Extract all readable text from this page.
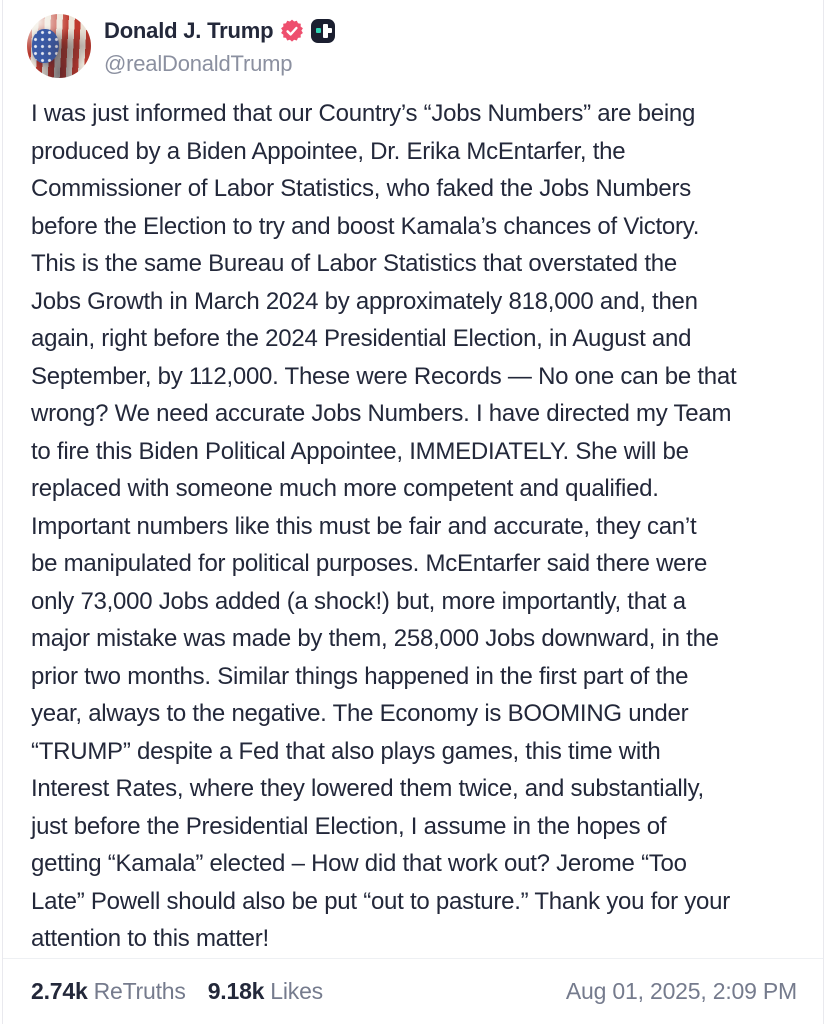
Donald J. Trump
@realDonaldTrump
I was just informed that our Country’s “Jobs Numbers” are being
produced by a Biden Appointee, Dr. Erika McEntarfer, the
Commissioner of Labor Statistics, who faked the Jobs Numbers
before the Election to try and boost Kamala’s chances of Victory.
This is the same Bureau of Labor Statistics that overstated the
Jobs Growth in March 2024 by approximately 818,000 and, then
again, right before the 2024 Presidential Election, in August and
September, by 112,000. These were Records — No one can be that
wrong? We need accurate Jobs Numbers. I have directed my Team
to fire this Biden Political Appointee, IMMEDIATELY. She will be
replaced with someone much more competent and qualified.
Important numbers like this must be fair and accurate, they can’t
be manipulated for political purposes. McEntarfer said there were
only 73,000 Jobs added (a shock!) but, more importantly, that a
major mistake was made by them, 258,000 Jobs downward, in the
prior two months. Similar things happened in the first part of the
year, always to the negative. The Economy is BOOMING under
“TRUMP” despite a Fed that also plays games, this time with
Interest Rates, where they lowered them twice, and substantially,
just before the Presidential Election, I assume in the hopes of
getting “Kamala” elected – How did that work out? Jerome “Too
Late” Powell should also be put “out to pasture.” Thank you for your
attention to this matter!
2.74k ReTruths 9.18k Likes	Aug 01, 2025, 2:09 PM
